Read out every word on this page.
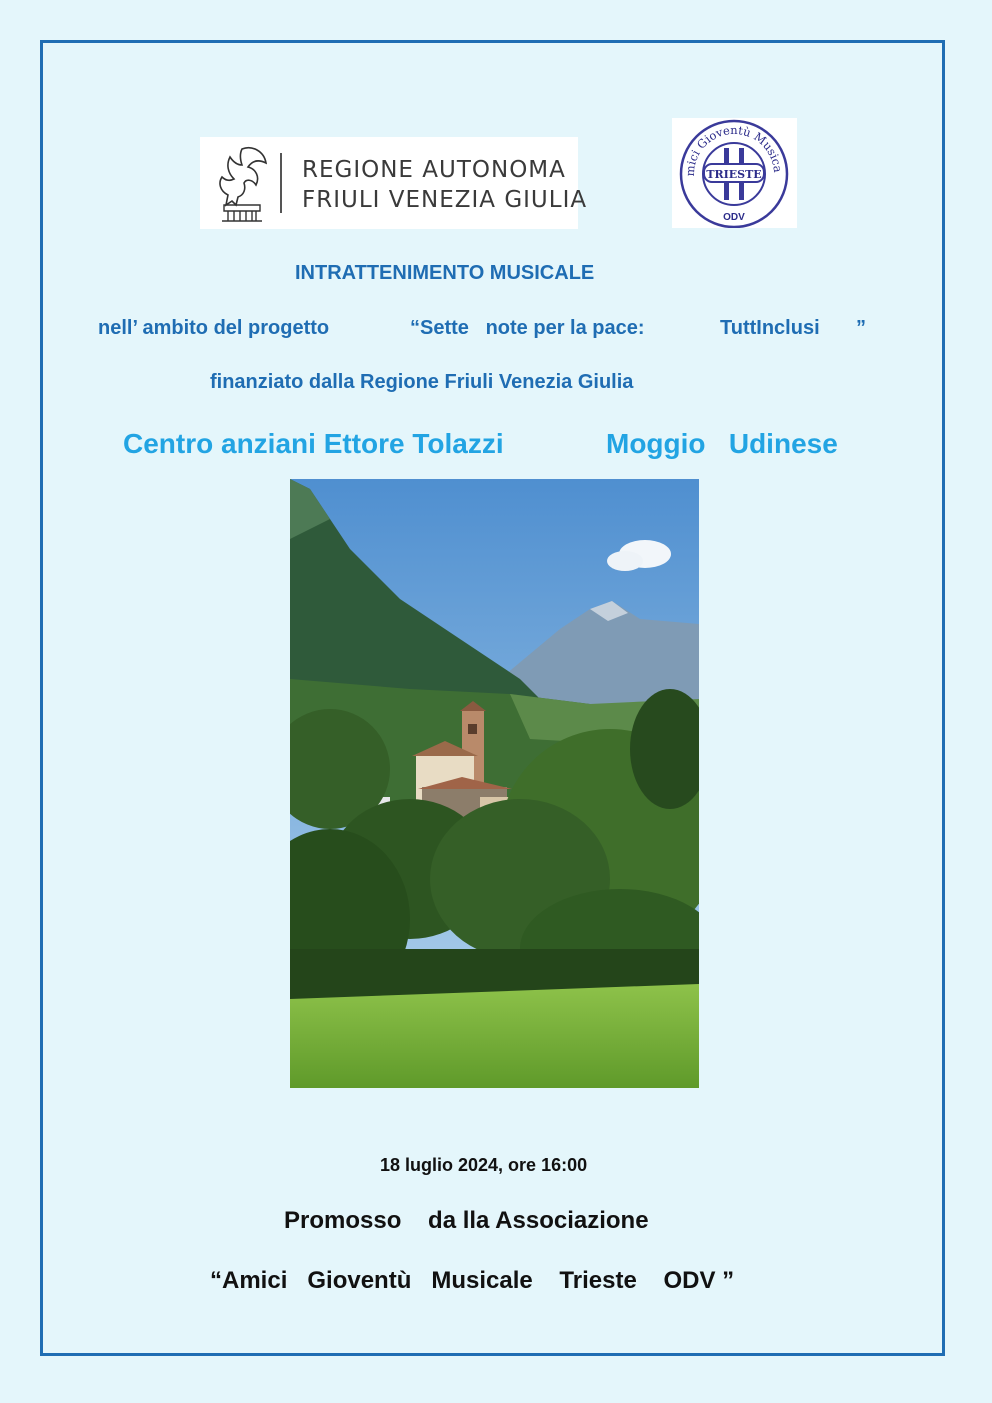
REGIONE AUTONOMA
FRIULI VENEZIA GIULIA
mici Gioventù Musica
TRIESTE
ODV
INTRATTENIMENTO MUSICALE
nell’ ambito del progetto	“Sette   note per la pace:	TuttInclusi ”
finanziato dalla Regione Friuli Venezia Giulia
Centro anziani Ettore Tolazzi	Moggio   Udinese
18 luglio 2024, ore 16:00
Promosso    da lla Associazione
“Amici   Gioventù   Musicale    Trieste    ODV ”
